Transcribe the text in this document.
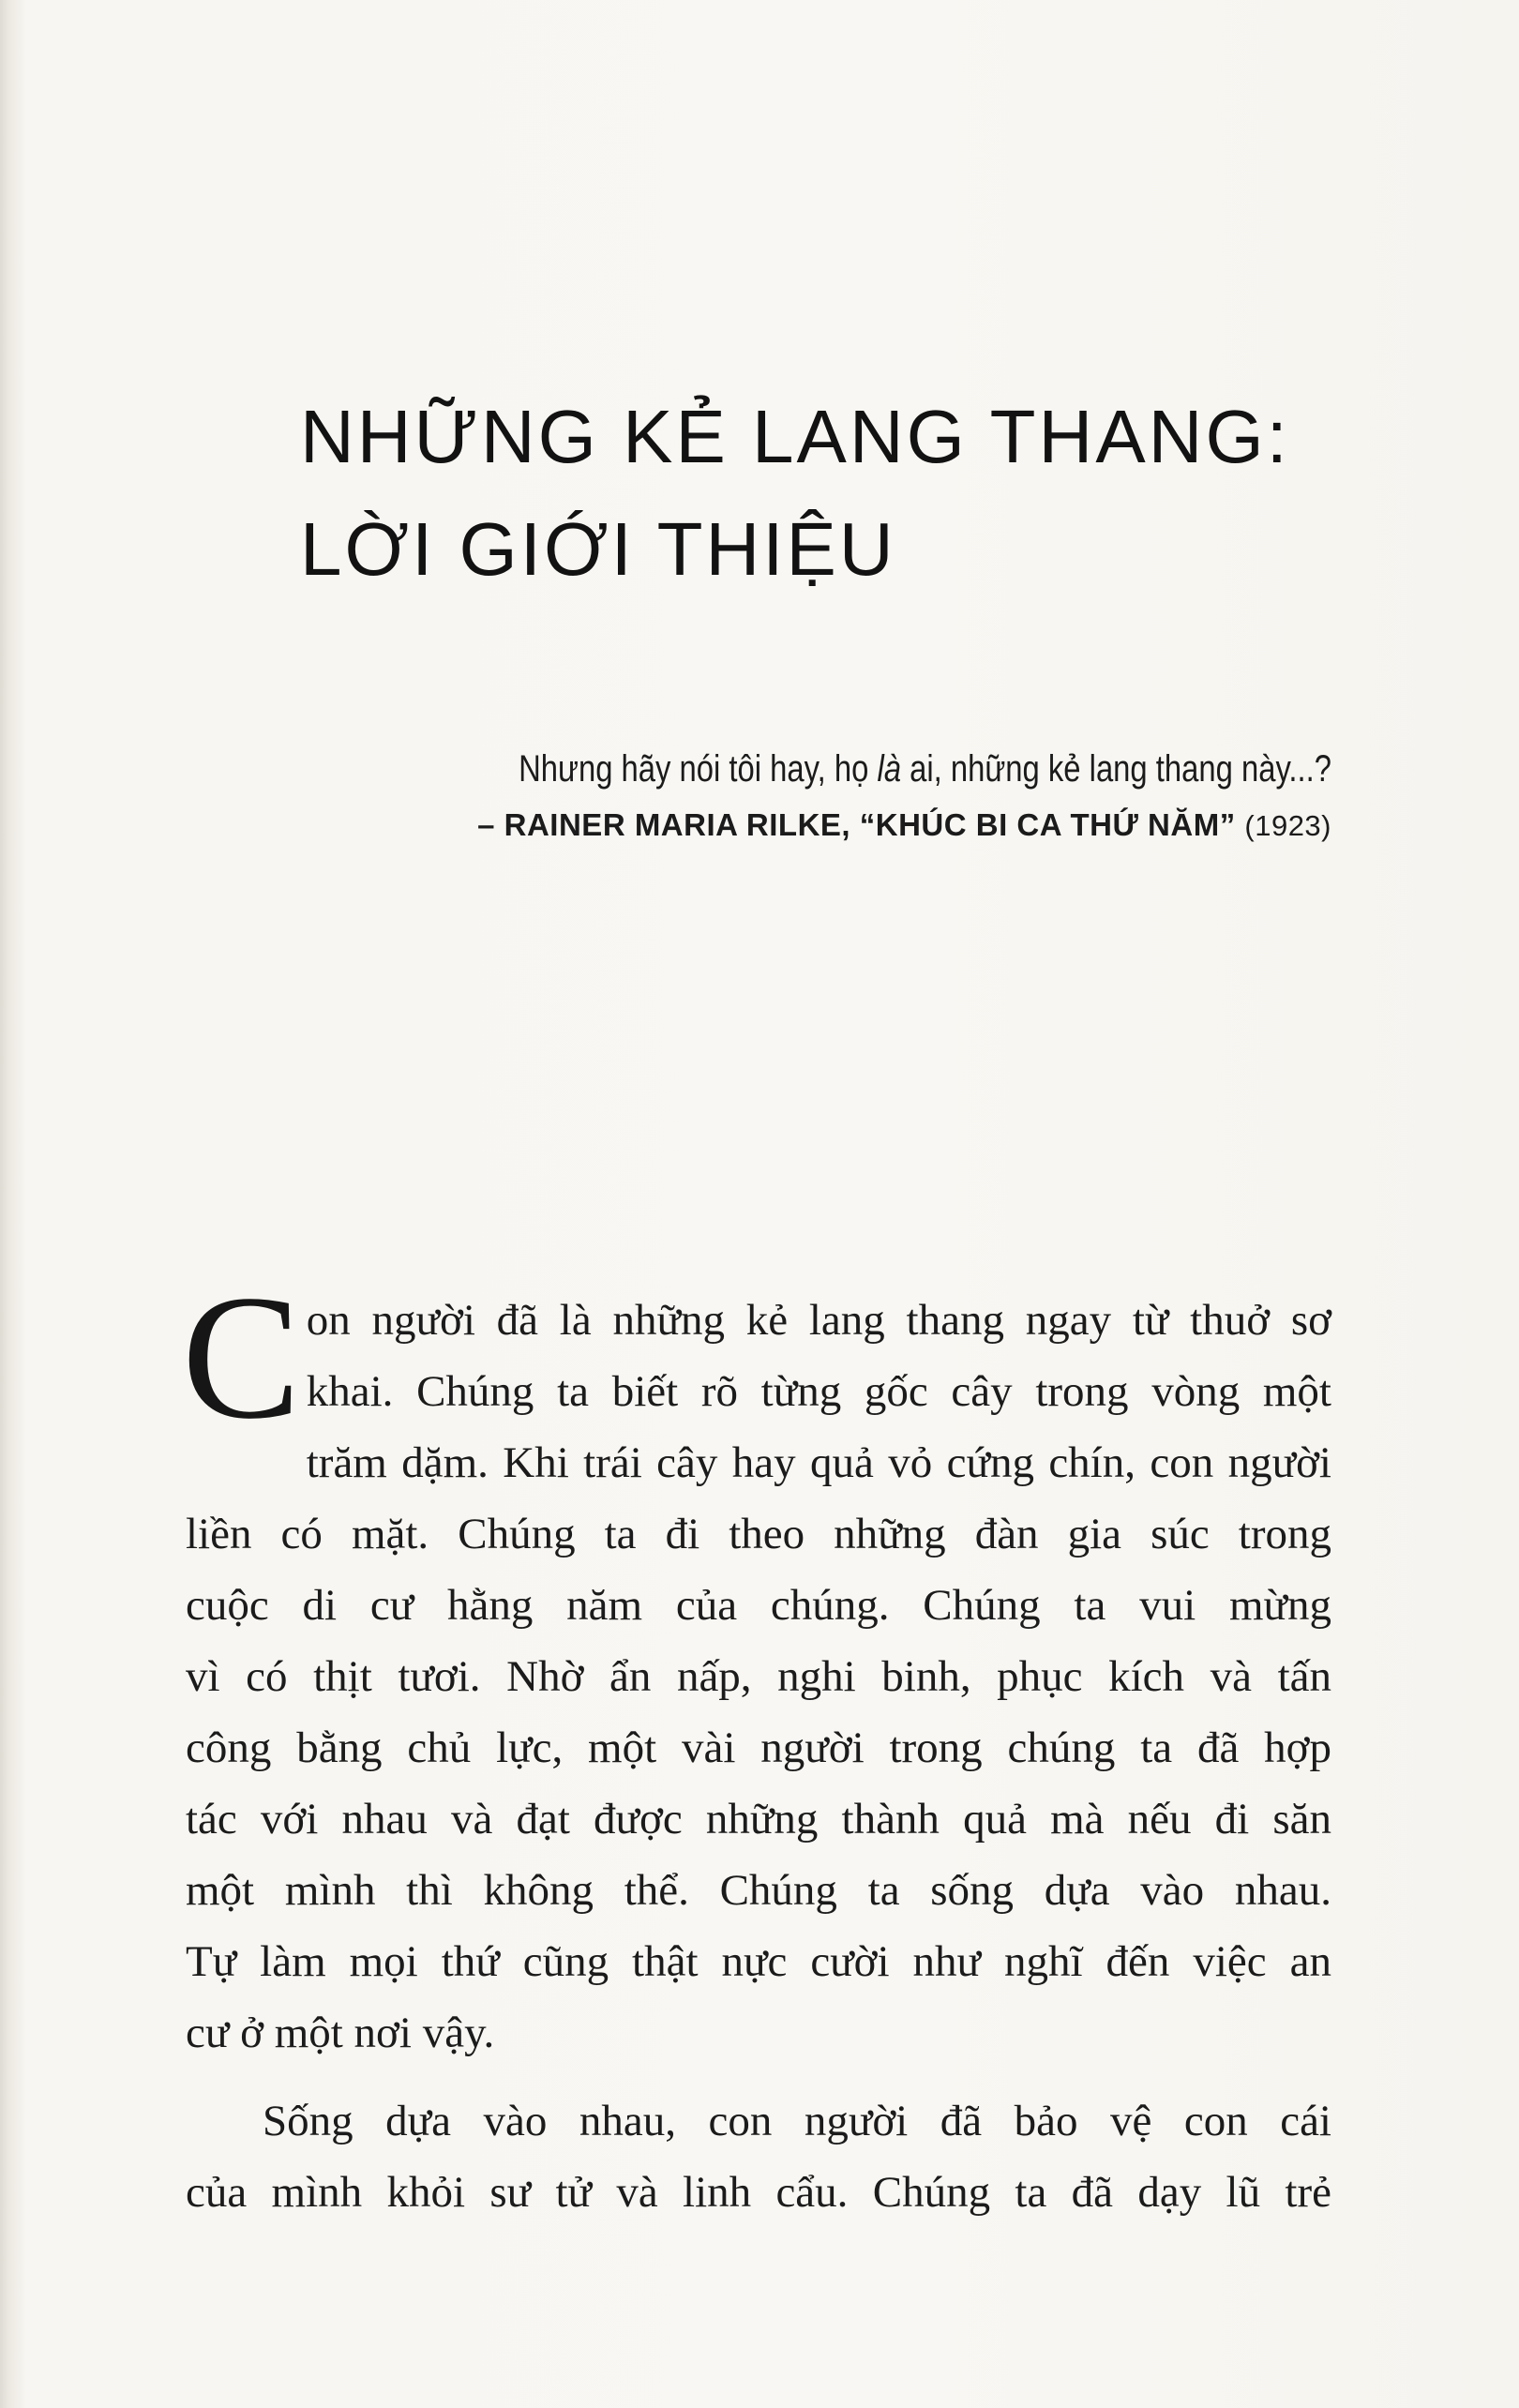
NHỮNG KẺ LANG THANG:
LỜI GIỚI THIỆU
Nhưng hãy nói tôi hay, họ là ai, những kẻ lang thang này...?
– RAINER MARIA RILKE, “KHÚC BI CA THỨ NĂM” (1923)

C on người đã là những kẻ lang thang ngay từ thuở sơ
khai. Chúng ta biết rõ từng gốc cây trong vòng một
trăm dặm. Khi trái cây hay quả vỏ cứng chín, con người
liền có mặt. Chúng ta đi theo những đàn gia súc trong
cuộc di cư hằng năm của chúng. Chúng ta vui mừng
vì có thịt tươi. Nhờ ẩn nấp, nghi binh, phục kích và tấn
công bằng chủ lực, một vài người trong chúng ta đã hợp
tác với nhau và đạt được những thành quả mà nếu đi săn
một mình thì không thể. Chúng ta sống dựa vào nhau.
Tự làm mọi thứ cũng thật nực cười như nghĩ đến việc an
cư ở một nơi vậy.

Sống dựa vào nhau, con người đã bảo vệ con cái
của mình khỏi sư tử và linh cẩu. Chúng ta đã dạy lũ trẻ
